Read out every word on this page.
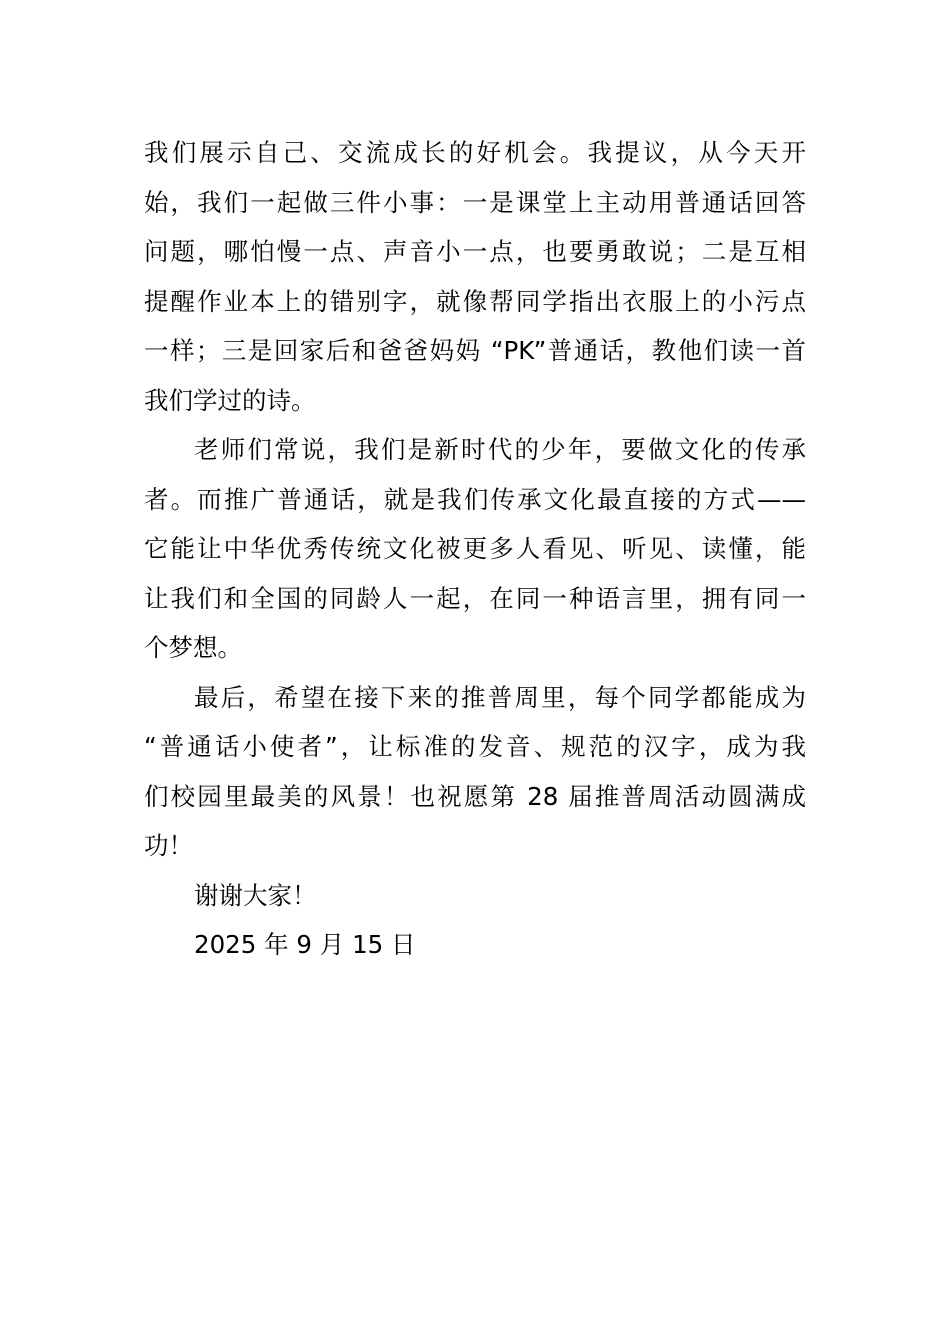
我们展示自己、交流成长的好机会。我提议，从今天开
始，我们一起做三件小事：一是课堂上主动用普通话回答
问题，哪怕慢一点、声音小一点，也要勇敢说；二是互相
提醒作业本上的错别字，就像帮同学指出衣服上的小污点
一样；三是回家后和爸爸妈妈 “PK”普通话，教他们读一首
我们学过的诗。
老师们常说，我们是新时代的少年，要做文化的传承
者。而推广普通话，就是我们传承文化最直接的方式——
它能让中华优秀传统文化被更多人看见、听见、读懂，能
让我们和全国的同龄人一起，在同一种语言里，拥有同一
个梦想。
最后，希望在接下来的推普周里，每个同学都能成为
“普通话小使者”，让标准的发音、规范的汉字，成为我
们校园里最美的风景！也祝愿第 28 届推普周活动圆满成
功！
谢谢大家！
2025 年 9 月 15 日
